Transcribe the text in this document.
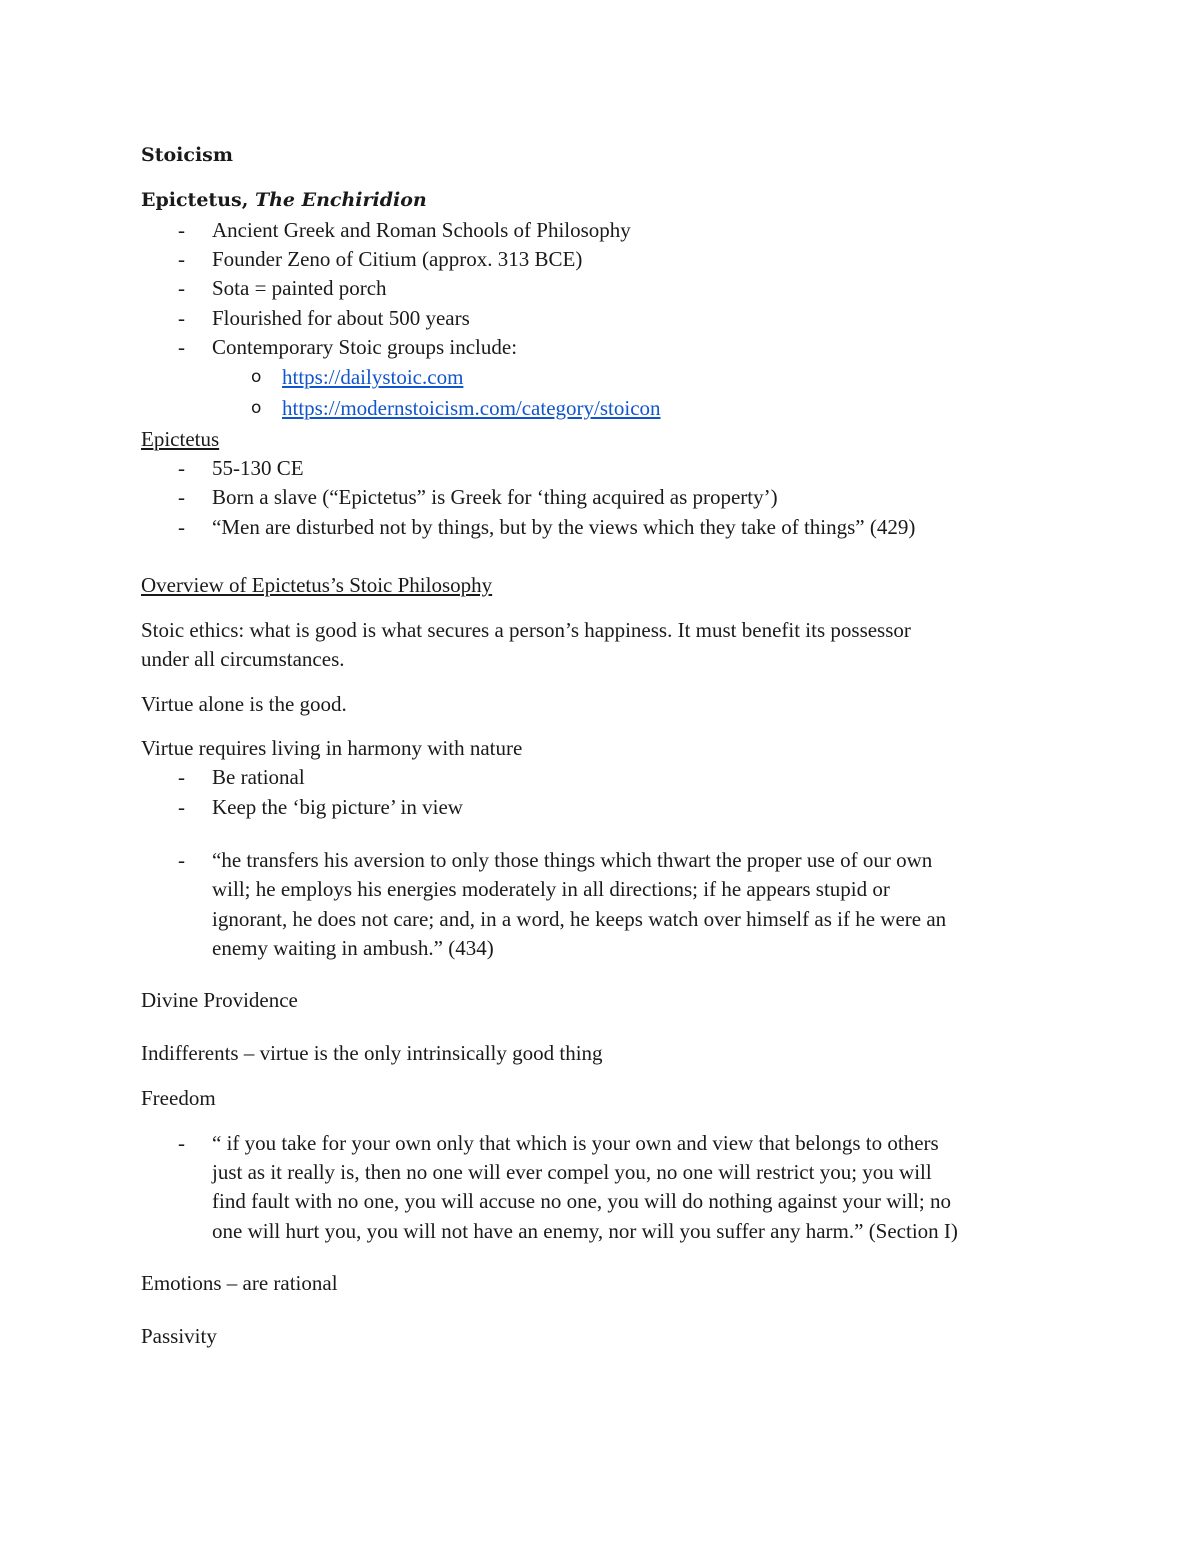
Stoicism
Epictetus, The Enchiridion
- Ancient Greek and Roman Schools of Philosophy
- Founder Zeno of Citium (approx. 313 BCE)
- Sota = painted porch
- Flourished for about 500 years
- Contemporary Stoic groups include:
o https://dailystoic.com
o https://modernstoicism.com/category/stoicon
Epictetus
- 55-130 CE
- Born a slave (“Epictetus” is Greek for ‘thing acquired as property’)
- “Men are disturbed not by things, but by the views which they take of things” (429)
Overview of Epictetus’s Stoic Philosophy
Stoic ethics: what is good is what secures a person’s happiness. It must benefit its possessor
under all circumstances.
Virtue alone is the good.
Virtue requires living in harmony with nature
- Be rational
- Keep the ‘big picture’ in view
- “he transfers his aversion to only those things which thwart the proper use of our own
will; he employs his energies moderately in all directions; if he appears stupid or
ignorant, he does not care; and, in a word, he keeps watch over himself as if he were an
enemy waiting in ambush.” (434)
Divine Providence
Indifferents – virtue is the only intrinsically good thing
Freedom
- “ if you take for your own only that which is your own and view that belongs to others
just as it really is, then no one will ever compel you, no one will restrict you; you will
find fault with no one, you will accuse no one, you will do nothing against your will; no
one will hurt you, you will not have an enemy, nor will you suffer any harm.” (Section I)
Emotions – are rational
Passivity
